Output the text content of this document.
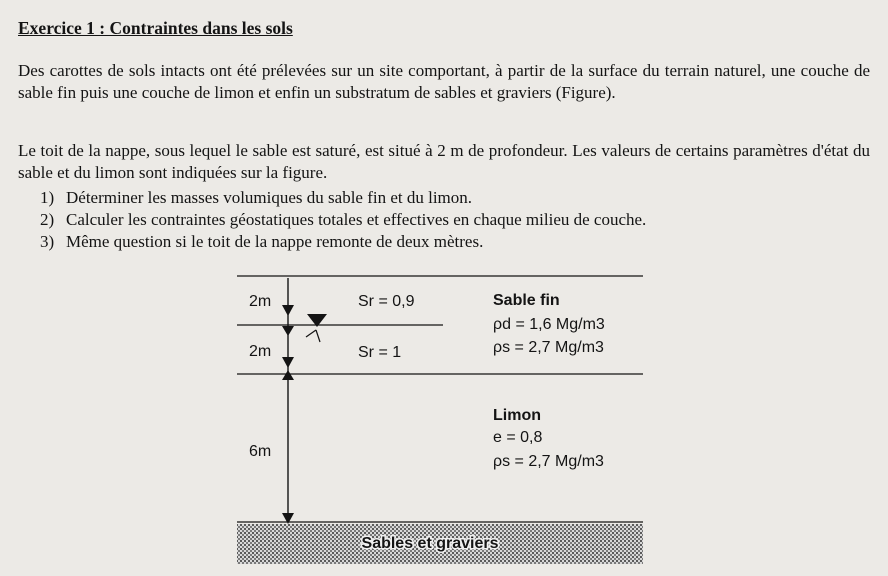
Exercice 1 : Contraintes dans les sols
Des carottes de sols intacts ont été prélevées sur un site comportant, à partir de la surface du terrain naturel, une couche de sable fin puis une couche de limon et enfin un substratum de sables et graviers (Figure).
Le toit de la nappe, sous lequel le sable est saturé, est situé à 2 m de profondeur. Les valeurs de certains paramètres d'état du sable et du limon sont indiquées sur la figure.
1) Déterminer les masses volumiques du sable fin et du limon.
2) Calculer les contraintes géostatiques totales et effectives en chaque milieu de couche.
3) Même question si le toit de la nappe remonte de deux mètres.
2m
2m
6m
Sr = 0,9
Sr = 1
Sable fin
ρd = 1,6 Mg/m3
ρs = 2,7 Mg/m3
Limon
e = 0,8
ρs = 2,7 Mg/m3
Sables et graviers
